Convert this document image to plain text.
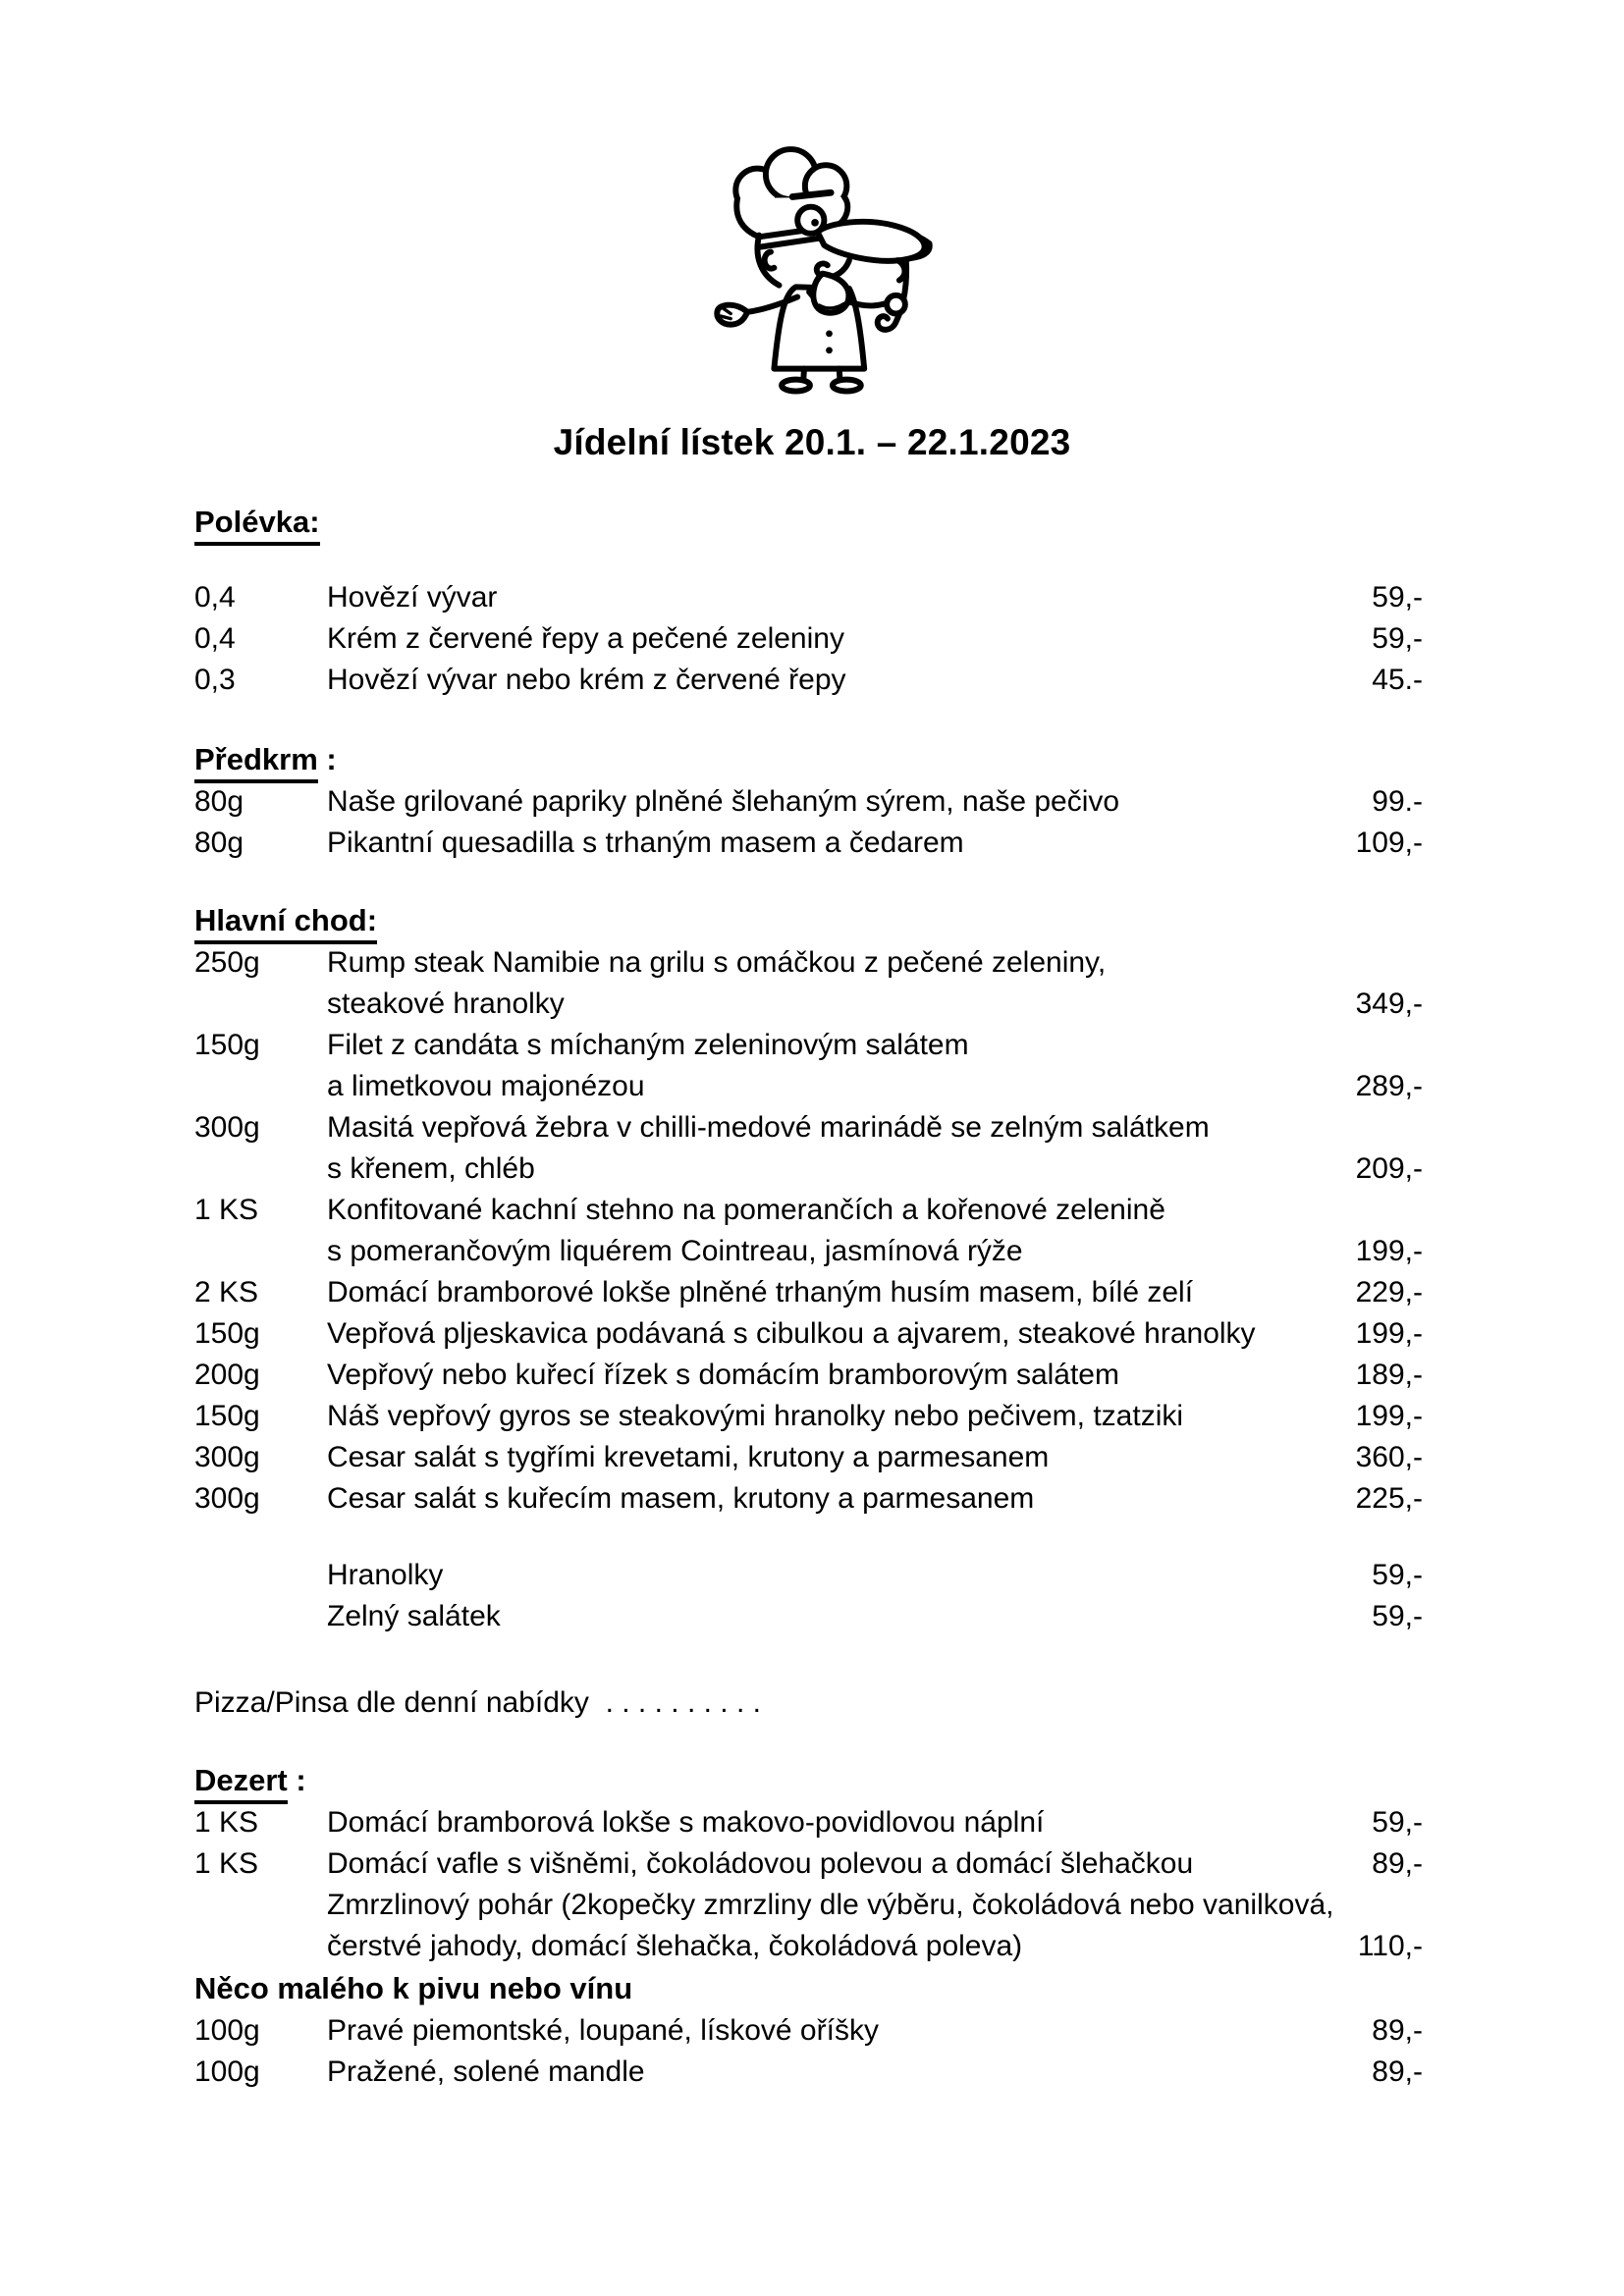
Jídelní lístek 20.1. – 22.1.2023
Polévka:
0,4	Hovězí vývar	59,-
0,4	Krém z červené řepy a pečené zeleniny	59,-
0,3	Hovězí vývar nebo krém z červené řepy	45.-
Předkrm :
80g	Naše grilované papriky plněné šlehaným sýrem, naše pečivo	99.-
80g	Pikantní quesadilla s trhaným masem a čedarem	109,-
Hlavní chod:
250g	Rump steak Namibie na grilu s omáčkou z pečené zeleniny,
steakové hranolky	349,-
150g	Filet z candáta s míchaným zeleninovým salátem
a limetkovou majonézou	289,-
300g	Masitá vepřová žebra v chilli-medové marinádě se zelným salátkem
s křenem, chléb	209,-
1 KS	Konfitované kachní stehno na pomerančích a kořenové zelenině
s pomerančovým liquérem Cointreau, jasmínová rýže	199,-
2 KS	Domácí bramborové lokše plněné trhaným husím masem, bílé zelí	229,-
150g	Vepřová pljeskavica podávaná s cibulkou a ajvarem, steakové hranolky	199,-
200g	Vepřový nebo kuřecí řízek s domácím bramborovým salátem	189,-
150g	Náš vepřový gyros se steakovými hranolky nebo pečivem, tzatziki	199,-
300g	Cesar salát s tygřími krevetami, krutony a parmesanem	360,-
300g	Cesar salát s kuřecím masem, krutony a parmesanem	225,-
Hranolky	59,-
Zelný salátek	59,-
Pizza/Pinsa dle denní nabídky  . . . . . . . . . .
Dezert :
1 KS	Domácí bramborová lokše s makovo-povidlovou náplní	59,-
1 KS	Domácí vafle s višněmi, čokoládovou polevou a domácí šlehačkou	89,-
Zmrzlinový pohár (2kopečky zmrzliny dle výběru, čokoládová nebo vanilková,
čerstvé jahody, domácí šlehačka, čokoládová poleva)	110,-
Něco malého k pivu nebo vínu
100g	Pravé piemontské, loupané, lískové oříšky	89,-
100g	Pražené, solené mandle	89,-
